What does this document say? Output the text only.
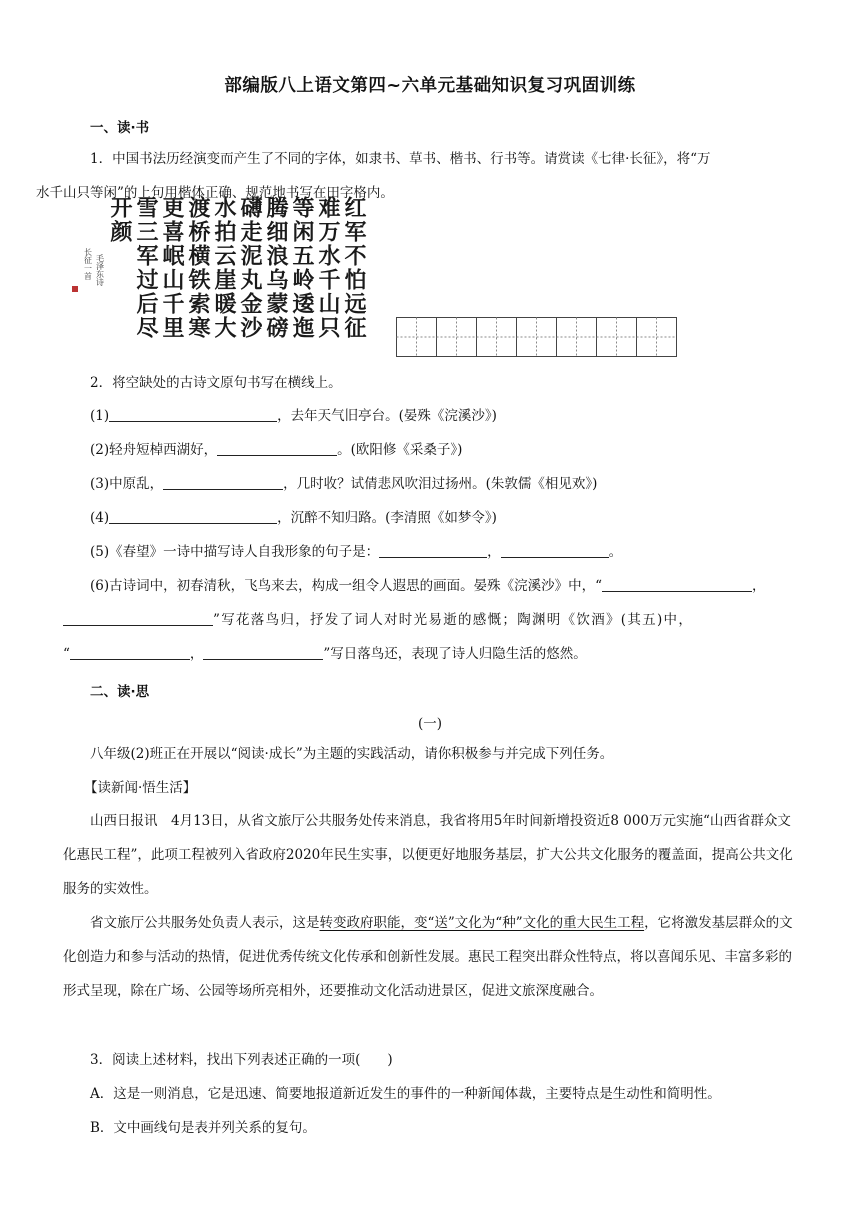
部编版八上语文第四~六单元基础知识复习巩固训练
一、读·书
1．中国书法历经演变而产生了不同的字体，如隶书、草书、楷书、行书等。请赏读《七律·长征》，将“万
水千山只等闲”的上句用楷体正确、规范地书写在田字格内。
红军不怕远征
难万水千山只
等闲五岭逶迤
腾细浪乌蒙磅
礴走泥丸金沙
水拍云崖暖大
渡桥横铁索寒
更喜岷山千里
雪三军过后尽
开颜
毛泽东诗
长征一首
2．将空缺处的古诗文原句书写在横线上。
(1)	，去年天气旧亭台。(晏殊《浣溪沙》)
(2)轻舟短棹西湖好，	。(欧阳修《采桑子》)
(3)中原乱，	，几时收？试倩悲风吹泪过扬州。(朱敦儒《相见欢》)
(4)	，沉醉不知归路。(李清照《如梦令》)
(5)《春望》一诗中描写诗人自我形象的句子是：	，	。
(6)古诗词中，初春清秋，飞鸟来去，构成一组令人遐思的画面。晏殊《浣溪沙》中，“	，
”写花落鸟归，抒发了词人对时光易逝的感慨；陶渊明《饮酒》(其五)中，
“	，	”写日落鸟还，表现了诗人归隐生活的悠然。
二、读·思
(一)
八年级(2)班正在开展以“阅读·成长”为主题的实践活动，请你积极参与并完成下列任务。
【读新闻·悟生活】
山西日报讯　4月13日，从省文旅厅公共服务处传来消息，我省将用5年时间新增投资近8 000万元实施“山西省群众文化惠民工程”，此项工程被列入省政府2020年民生实事，以便更好地服务基层，扩大公共文化服务的覆盖面，提高公共文化服务的实效性。
省文旅厅公共服务处负责人表示，这是转变政府职能，变“送”文化为“种”文化的重大民生工程，它将激发基层群众的文化创造力和参与活动的热情，促进优秀传统文化传承和创新性发展。惠民工程突出群众性特点，将以喜闻乐见、丰富多彩的形式呈现，除在广场、公园等场所亮相外，还要推动文化活动进景区，促进文旅深度融合。
3．阅读上述材料，找出下列表述正确的一项(　　)
A．这是一则消息，它是迅速、简要地报道新近发生的事件的一种新闻体裁，主要特点是生动性和简明性。
B．文中画线句是表并列关系的复句。
